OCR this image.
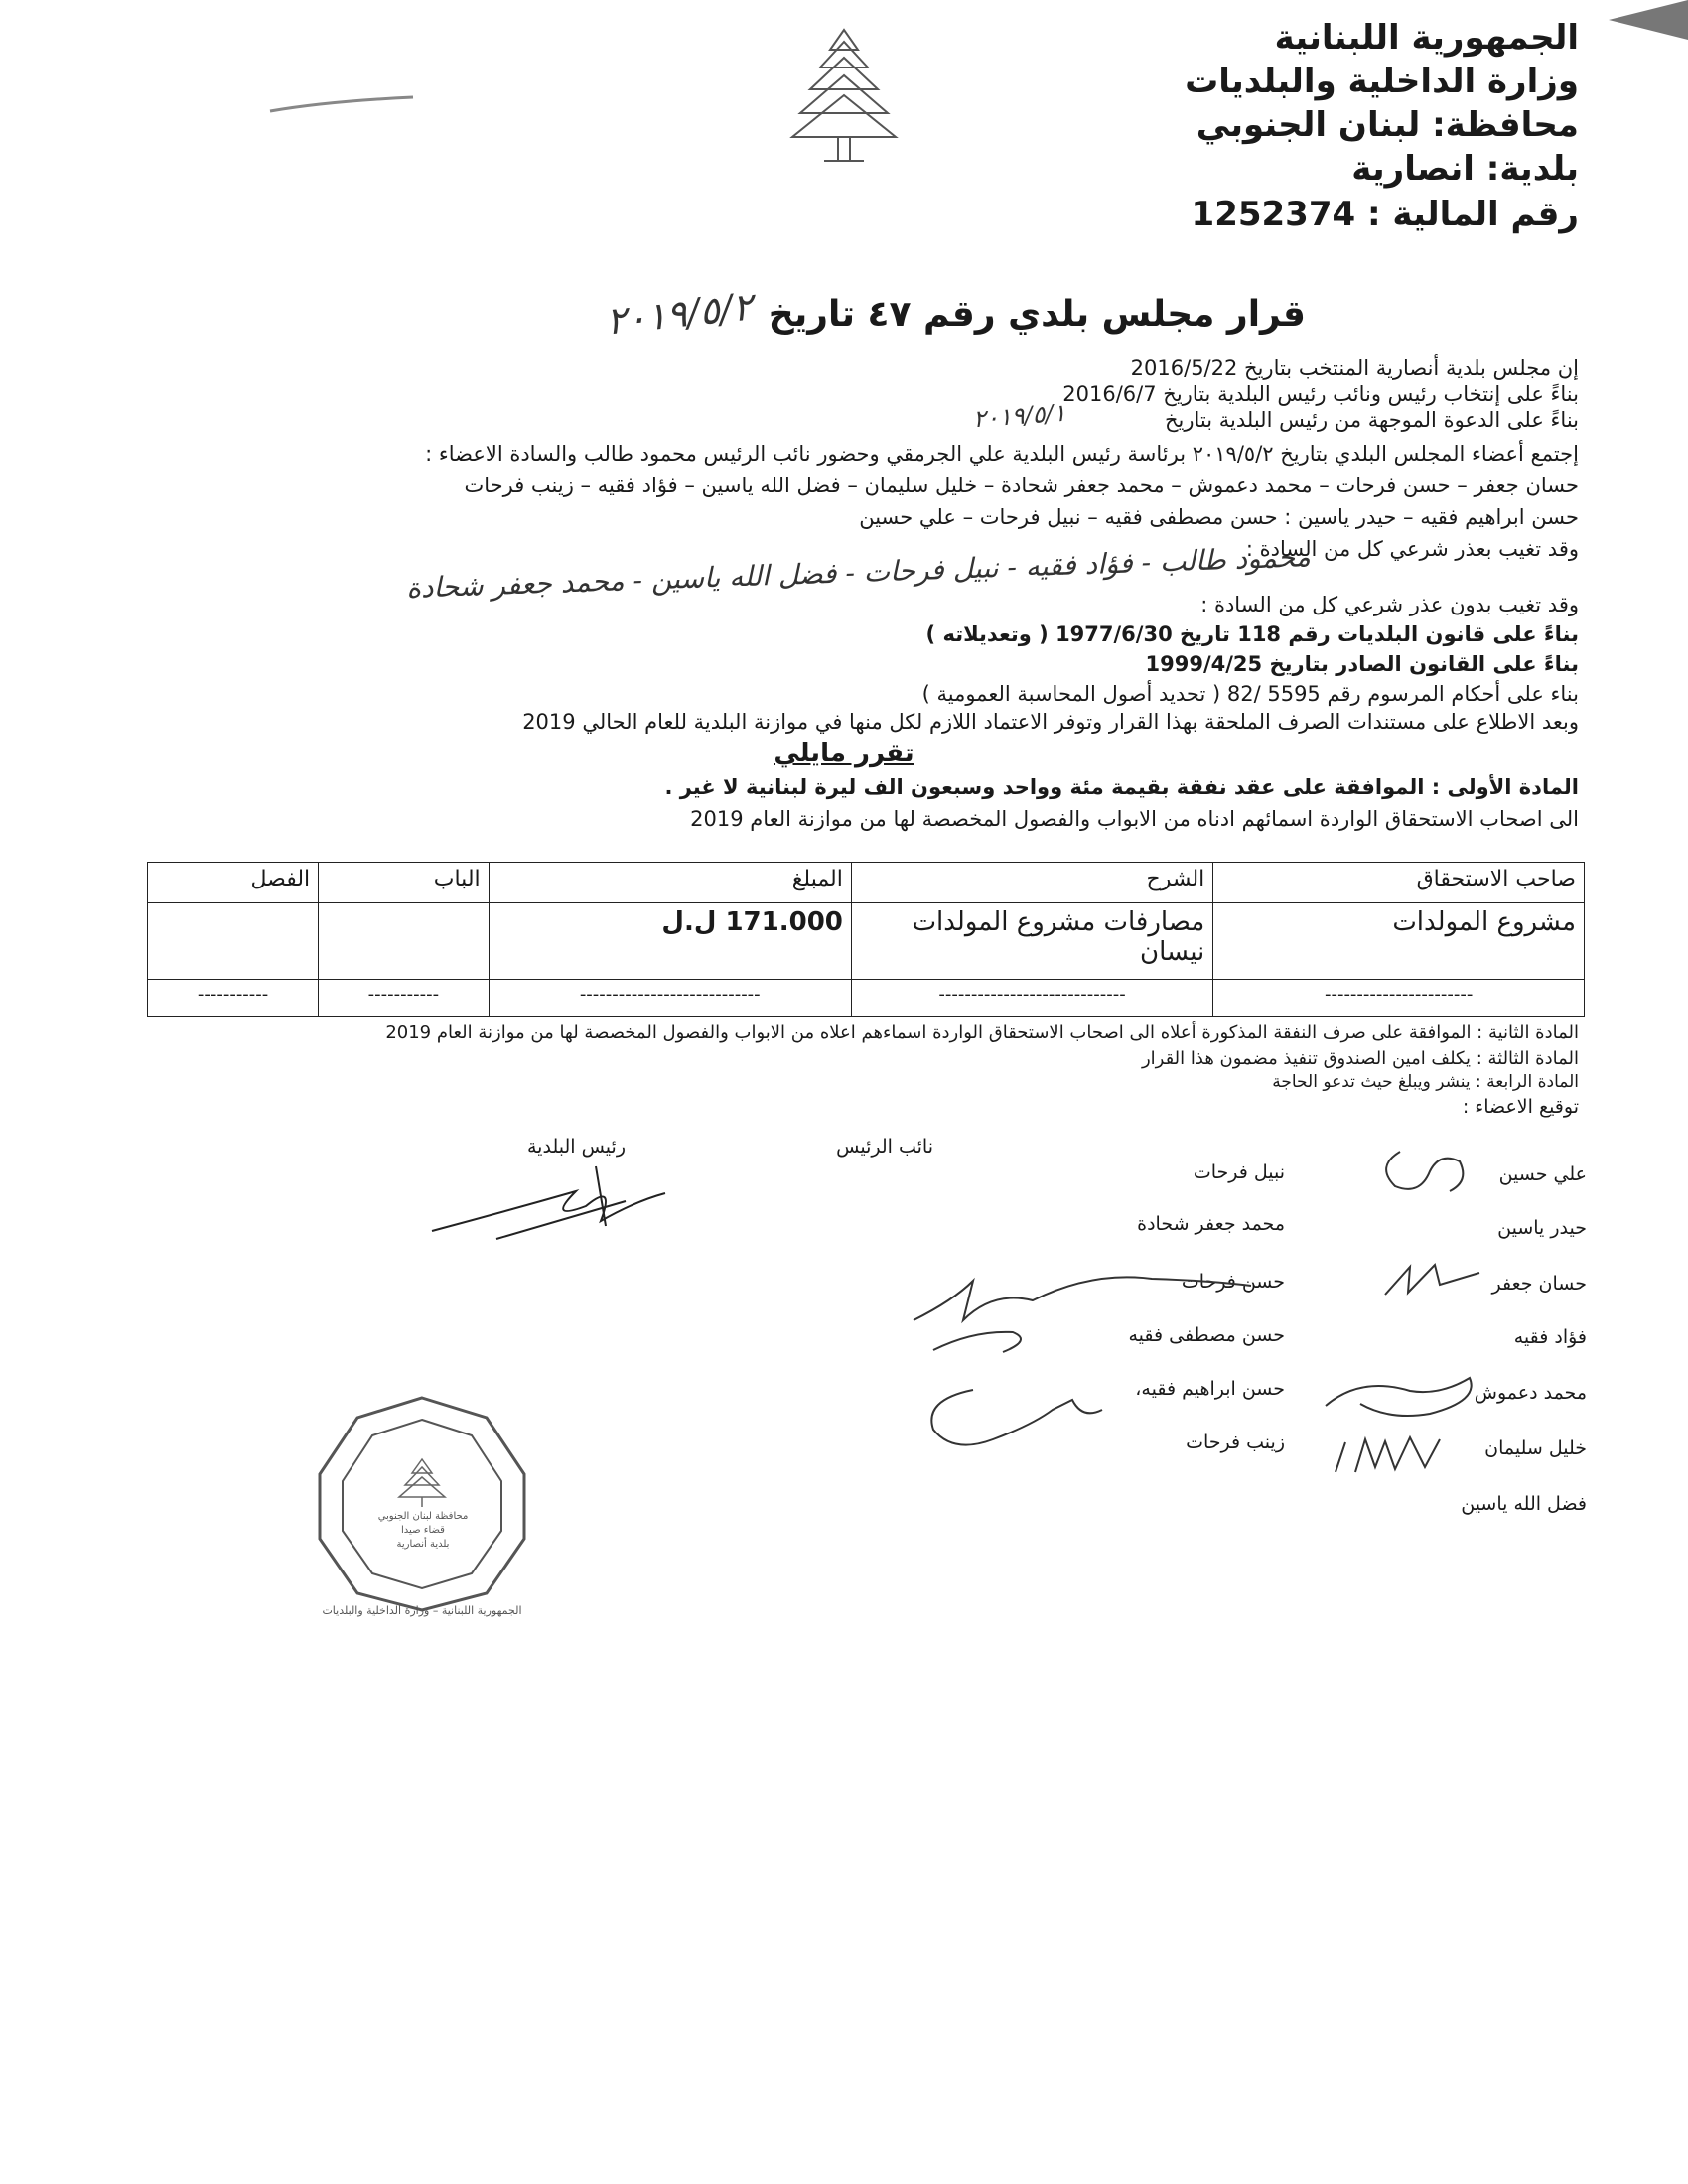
الجمهورية اللبنانية
وزارة الداخلية والبلديات
محافظة: لبنان الجنوبي
بلدية: انصارية
رقم المالية : 1252374
قرار مجلس بلدي رقم ٤٧ تاريخ
٢٠١٩/٥/٢
إن مجلس بلدية أنصارية المنتخب بتاريخ 2016/5/22
بناءً على إنتخاب رئيس ونائب رئيس البلدية بتاريخ 2016/6/7
بناءً على الدعوة الموجهة من رئيس البلدية بتاريخ
٢٠١٩/٥/١
إجتمع أعضاء المجلس البلدي بتاريخ ٢٠١٩/٥/٢ برئاسة رئيس البلدية علي الجرمقي وحضور نائب الرئيس محمود طالب والسادة الاعضاء :
حسان جعفر – حسن فرحات – محمد دعموش – محمد جعفر شحادة – خليل سليمان – فضل الله ياسين – فؤاد فقيه – زينب فرحات
حسن ابراهيم فقيه – حيدر ياسين : حسن مصطفى فقيه – نبيل فرحات – علي حسين
وقد تغيب بعذر شرعي كل من السادة :
محمود طالب - فؤاد فقيه - نبيل فرحات - فضل الله ياسين - محمد جعفر شحادة
وقد تغيب بدون عذر شرعي كل من السادة :
بناءً على قانون البلديات رقم 118 تاريخ 1977/6/30 ( وتعديلاته )
بناءً على القانون الصادر بتاريخ 1999/4/25
بناء على أحكام المرسوم رقم 5595 /82 ( تحديد أصول المحاسبة العمومية )
وبعد الاطلاع على مستندات الصرف الملحقة بهذا القرار وتوفر الاعتماد اللازم لكل منها في موازنة البلدية للعام الحالي 2019
تقرر مايلي
المادة الأولى : الموافقة على عقد نفقة بقيمة مئة وواحد وسبعون الف ليرة لبنانية لا غير .
الى اصحاب الاستحقاق الواردة اسمائهم ادناه من الابواب والفصول المخصصة لها من موازنة العام 2019
صاحب الاستحقاق	الشرح	المبلغ	الباب	الفصل
مشروع المولدات	مصارفات مشروع المولدات نيسان	171.000 ل.ل		
-----------------------	-----------------------------	----------------------------	-----------	-----------
المادة الثانية : الموافقة على صرف النفقة المذكورة أعلاه الى اصحاب الاستحقاق الواردة اسماءهم اعلاه من الابواب والفصول المخصصة لها من موازنة العام 2019
المادة الثالثة : يكلف امين الصندوق تنفيذ مضمون هذا القرار
المادة الرابعة : ينشر ويبلغ حيث تدعو الحاجة
توقيع الاعضاء :
رئيس البلدية	نائب الرئيس
علي حسين
حيدر ياسين
حسان جعفر
فؤاد فقيه
محمد دعموش
خليل سليمان
فضل الله ياسين
نبيل فرحات
محمد جعفر شحادة
حسن فرحات
حسن مصطفى فقيه
حسن ابراهيم فقيه،
زينب فرحات
محافظة لبنان الجنوبي
قضاء صيدا
بلدية أنصارية
الجمهورية اللبنانية – وزارة الداخلية والبلديات
